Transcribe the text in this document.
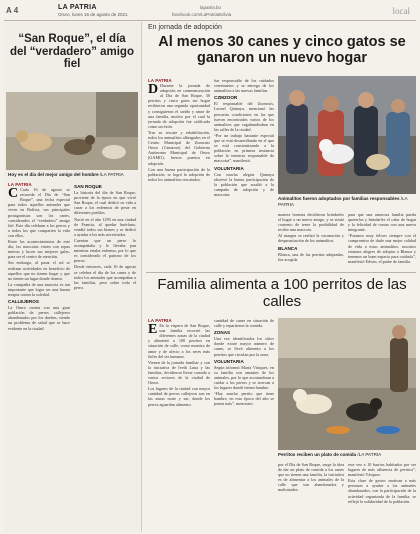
A 4	LA PATRIA
Oruro, lunes 16 de agosto de 2021
lapatria.bo
facebook.com/LaPatriaBolivia	local
“San Roque”, el día del “verdadero” amigo fiel
Hoy es el día del mejor amigo del hombre /LA PATRIA
LA PATRIA

C Cada 16 de agosto se recuerda el Día de “San Roque”, una fecha especial para todos aquellos animales que viven en Bolivia, sus principales protagonistas son los canes, considerados el “verdadero” amigo fiel. Este día celebran a los perros y a todos los que comparten la vida con ellos.

Entre los acontecimientos de este día, las mascotas visten con ropas nuevas y lucen sus mejores galas, para ser el centro de atención.

Sin embargo, al pasar el sol se realizan actividades en beneficio de aquellos que no tienen hogar y que no tienen un lugar donde dormir.

La compañía de una mascota es tan importante que logra ser una buena terapia contra la soledad.

CALLEJEROS

La Oruro cuenta con una gran población de perros callejeros abandonados por los dueños, siendo un problema de salud que se hace evidente en la ciudad.

SAN ROQUE

La historia del día de San Roque, proviene de la época en que vivió San Roque, el cual dedicó su vida a curar a los enfermos de peste en diferentes pueblos.

Nació en el año 1295 en una ciudad de Francia, al quedar huérfano, vendió todos sus bienes y se dedicó a ayudar a los más necesitados.

Cuentan que un perro lo acompañaba y le llevaba pan mientras estaba enfermo, por lo que es considerado el patrono de los perros.

Desde entonces, cada 16 de agosto se celebra el día de los canes y de todos los animales que acompañan a las familias, pero sobre todo el perro.

En jornada de adopción
Al menos 30 canes y cinco gatos se ganaron un nuevo hogar
LA PATRIA

D Durante la jornada de adopción en conmemoración al Día de San Roque, 30 perritos y cinco gatos sin hogar recibieron una segunda oportunidad y consiguieron el cariño y amor de una familia, motivo por el cual la jornada de adopción fue calificada como un éxito.

Tras su rescate y rehabilitación, todos los animalitos albergados en el Centro Municipal de Zoonosis Oruro (Czmzoor) del Gobierno Autónomo Municipal de Oruro (GAMO), fueron puestos en adopción.

Con una buena participación de la población, se logró la adopción de todos los animalitos rescatados.

fue responsable de los cuidados veterinarios y se entrega de los animalitos a las nuevas familias.

CZMZOOR

El responsable del Zoonosis, Leonel Quinaya, mencionó las precarias condiciones en las que fueron encontrados varios de los animalitos que vagabundeaban en las calles de la ciudad.

“Por un trabajo bastante especial que se está desarrollando en el que se está concientizando a la población en primera instancia sobre la tenencia responsable de mascotas”, manifestó.

VOLUNTARIA

Con mucha alegría Quinaya observó la buena participación de la población que acudió a la campaña de adopción y de mascotas.

Animalitos fueron adoptados por familias responsables /LA PATRIA

manera honesta decidieron brindarles el hogar a un nuevo amigo, y se sintió contento de tener la posibilidad de recibir una mascota.

Al margen se realizó la vacunación y desparasitación de los animalitos.

BLANCA

Blanca, una de las perritas adoptadas, fue acogida

para que una amorosa familia pueda quererlos y brindarles el calor de hogar y la felicidad de contar con una nueva integrante.

“Estamos muy felices siempre con el compromiso de darle una mejor calidad de vida a estos animalitos, nosotros estamos alegres de adoptar a Blanca y tenemos un buen espacio para cuidarla”, manifestó Edwin, el padre de familia.

Familia alimenta a 100 perritos de las calles
LA PATRIA

E En la víspera de San Roque, una familia recorrió las diferentes zonas de la ciudad y alimentó a 100 perritos en situación de calle, como muestra de amor y de afecto a los seres más fieles del ser humano.

Vienen de la jornada familiar y con la iniciativa de Iveth Luna y las familias, decidieron llevar comida a varios sectores de la ciudad de Oruro.

Los lugares de la ciudad con mayor cantidad de perros callejeros son en las zonas norte y sur, donde los perros aguardan alimento.

cantidad de canes en situación de calle y repartieron la comida.

ZONAS

Una vez identificados los sitios donde existe mayor número de canes, se llevó alimento a los perritos que circulan por la zona.

VOLUNTARIA

Según informó María Vásquez, en su familia son amantes de los animales, por lo que acostumbran a cuidar a los perros y se acercan a los lugares donde tienen hambre.

“Hay mucho perrito que tiene hambre, en esta época del año se ponen más”, mencionó.

Perritos reciben un plato de comida /LA PATRIA

por el Día de San Roque, surge la idea de dar un plato de comida a los canes que no tienen una familia, la iniciativa es de alimentar a los animales de la calle que son abandonados y maltratados.

este vez a 10 barrios habitados por ser lugares de más afluencia de perritos”, manifestó Vásquez.

Esta clase de gestos motivan a más personas a ayudar a los animales abandonados, con la participación de la actividad organizada de la familia, se reflejó la solidaridad de la población.
